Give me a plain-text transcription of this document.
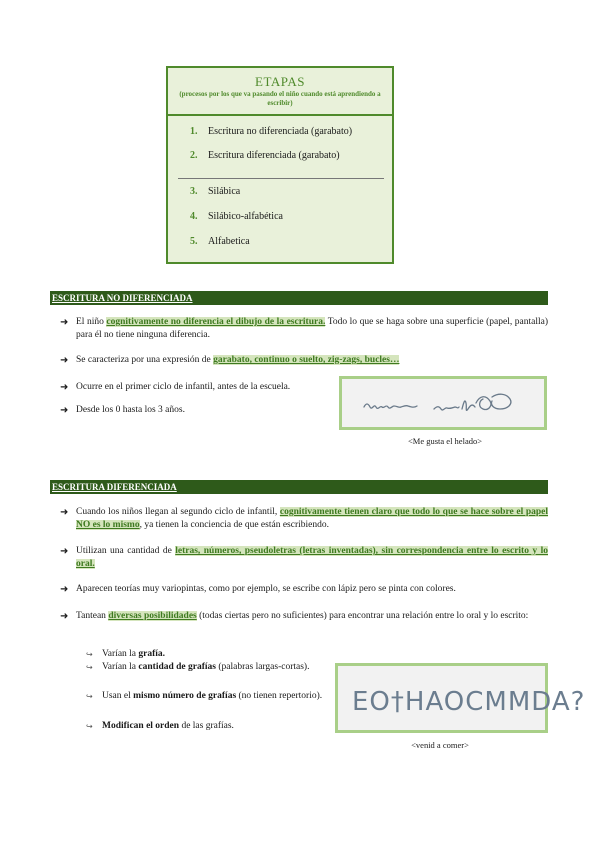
ETAPAS
(procesos por los que va pasando el niño cuando está aprendiendo a escribir)
1. Escritura no diferenciada (garabato)
2. Escritura diferenciada (garabato)
3. Silábica
4. Silábico-alfabética
5. Alfabetica
ESCRITURA NO DIFERENCIADA
➜ El niño cognitivamente no diferencia el dibujo de la escritura. Todo lo que se haga sobre una superficie (papel, pantalla) para él no tiene ninguna diferencia.
➜ Se caracteriza por una expresión de garabato, continuo o suelto, zig-zags, bucles…
➜ Ocurre en el primer ciclo de infantil, antes de la escuela.
➜ Desde los 0 hasta los 3 años.
<Me gusta el helado>
ESCRITURA DIFERENCIADA
➜ Cuando los niños llegan al segundo ciclo de infantil, cognitivamente tienen claro que todo lo que se hace sobre el papel NO es lo mismo, ya tienen la conciencia de que están escribiendo.
➜ Utilizan una cantidad de letras, números, pseudoletras (letras inventadas), sin correspondencia entre lo escrito y lo oral.
➜ Aparecen teorías muy variopintas, como por ejemplo, se escribe con lápiz pero se pinta con colores.
➜ Tantean diversas posibilidades (todas ciertas pero no suficientes) para encontrar una relación entre lo oral y lo escrito:
↪ Varían la grafía.
↪ Varían la cantidad de grafías (palabras largas-cortas).
↪ Usan el mismo número de grafías (no tienen repertorio).
↪ Modifican el orden de las grafías.
EO†HAOCMMDA?
<venid a comer>
